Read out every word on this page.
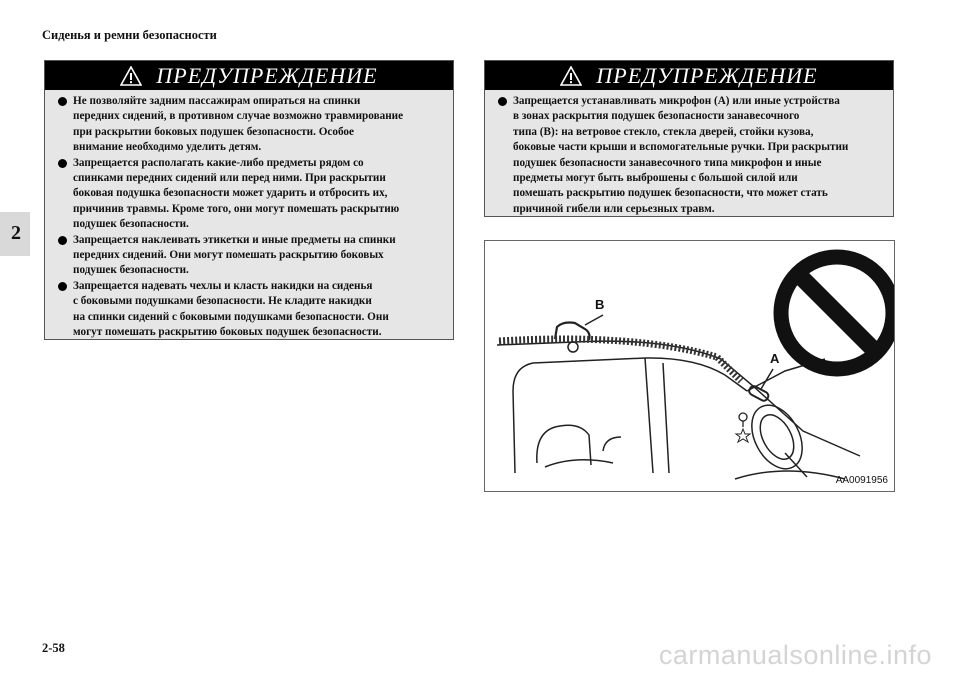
Сиденья и ремни безопасности
2
ПРЕДУПРЕЖДЕНИЕ
Не позволяйте задним пассажирам опираться на спинки
передних сидений, в противном случае возможно травмирование
при раскрытии боковых подушек безопасности. Особое
внимание необходимо уделить детям.
Запрещается располагать какие-либо предметы рядом со
спинками передних сидений или перед ними. При раскрытии
боковая подушка безопасности может ударить и отбросить их,
причинив травмы. Кроме того, они могут помешать раскрытию
подушек безопасности.
Запрещается наклеивать этикетки и иные предметы на спинки
передних сидений. Они могут помешать раскрытию боковых
подушек безопасности.
Запрещается надевать чехлы и класть накидки на сиденья
с боковыми подушками безопасности. Не кладите накидки
на спинки сидений с боковыми подушками безопасности. Они
могут помешать раскрытию боковых подушек безопасности.
ПРЕДУПРЕЖДЕНИЕ
Запрещается устанавливать микрофон (A) или иные устройства
в зонах раскрытия подушек безопасности занавесочного
типа (B): на ветровое стекло, стекла дверей, стойки кузова,
боковые части крыши и вспомогательные ручки. При раскрытии
подушек безопасности занавесочного типа микрофон и иные
предметы могут быть выброшены с большой силой или
помешать раскрытию подушек безопасности, что может стать
причиной гибели или серьезных травм.
B
A
AA0091956
2-58	carmanualsonline.info
